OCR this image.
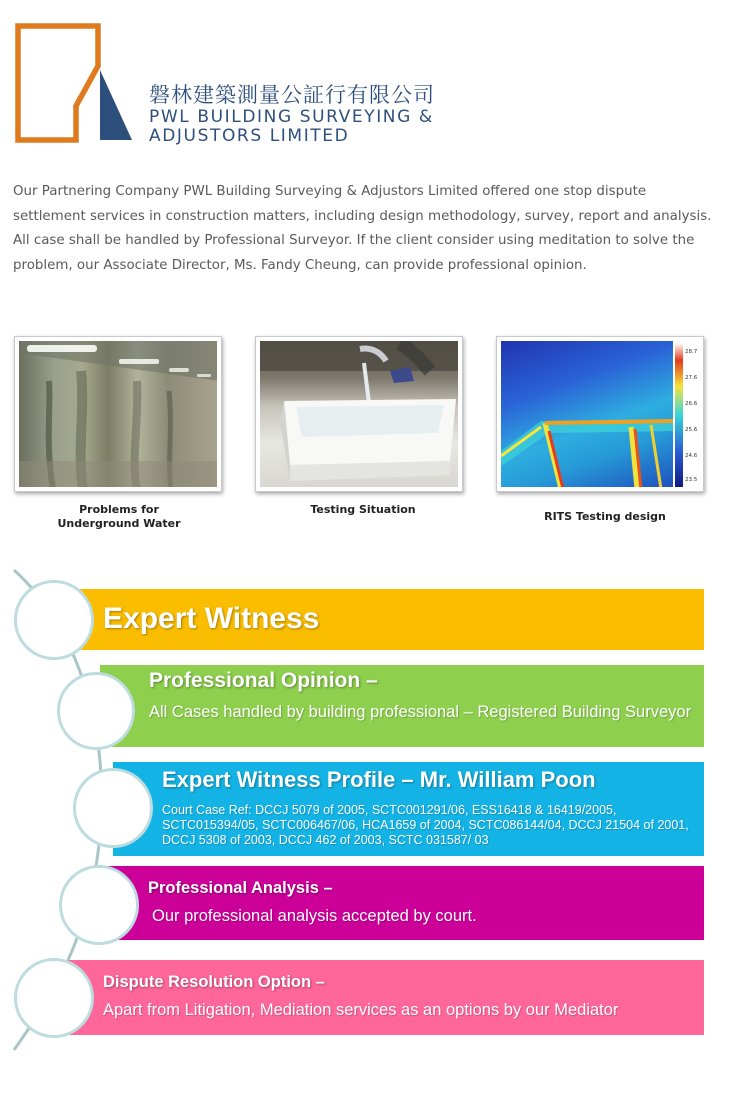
磐林建築測量公証行有限公司
PWL BUILDING SURVEYING &
ADJUSTORS LIMITED

Our Partnering Company PWL Building Surveying & Adjustors Limited offered one stop dispute settlement services in construction matters, including design methodology, survey, report and analysis. All case shall be handled by Professional Surveyor. If the client consider using meditation to solve the problem, our Associate Director, Ms. Fandy Cheung, can provide professional opinion.

Problems for
Underground Water
Testing Situation
28.7
27.6
26.6
25.6
24.6
23.5
RITS Testing design
Expert Witness
Professional Opinion –
All Cases handled by building professional – Registered Building Surveyor
Expert Witness Profile – Mr. William Poon
Court Case Ref: DCCJ 5079 of 2005, SCTC001291/06, ESS16418 & 16419/2005, SCTC015394/05, SCTC006467/06, HCA1659 of 2004, SCTC086144/04, DCCJ 21504 of 2001, DCCJ 5308 of 2003, DCCJ 462 of 2003, SCTC 031587/ 03
Professional Analysis –
Our professional analysis accepted by court.
Dispute Resolution Option –
Apart from Litigation, Mediation services as an options by our Mediator
